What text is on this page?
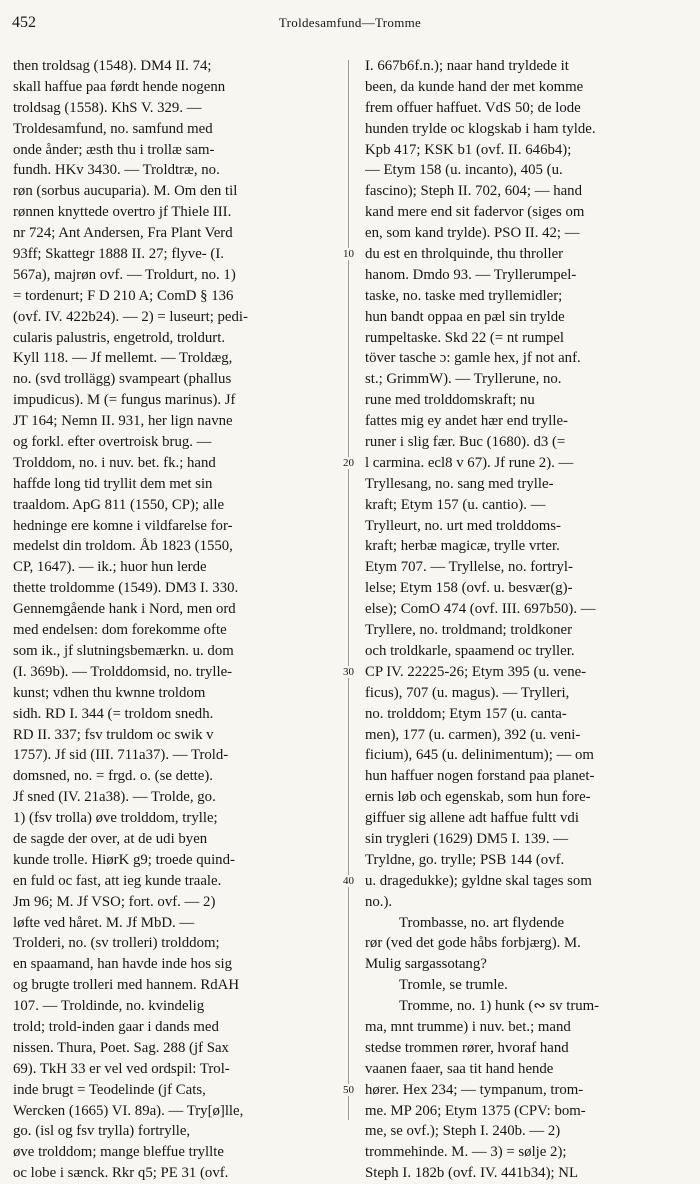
452	Troldesamfund—Tromme
then troldsag (1548). DM4 II. 74;
skall haffue paa førdt hende nogenn
troldsag (1558). KhS V. 329. —
Troldesamfund, no. samfund med
onde ånder; æsth thu i trollæ sam-
fundh. HKv 3430. — Troldtræ, no.
røn (sorbus aucuparia). M. Om den til
rønnen knyttede overtro jf Thiele III.
nr 724; Ant Andersen, Fra Plant Verd
93ff; Skattegr 1888 II. 27; flyve- (I.
567a), majrøn ovf. — Troldurt, no. 1)
= tordenurt; F D 210 A; ComD § 136
(ovf. IV. 422b24). — 2) = luseurt; pedi-
cularis palustris, engetrold, troldurt.
Kyll 118. — Jf mellemt. — Troldæg,
no. (svd trollägg) svampeart (phallus
impudicus). M (= fungus marinus). Jf
JT 164; Nemn II. 931, her lign navne
og forkl. efter overtroisk brug. —
Trolddom, no. i nuv. bet. fk.; hand
haffde long tid tryllit dem met sin
traaldom. ApG 811 (1550, CP); alle
hedninge ere komne i vildfarelse for-
medelst din troldom. Åb 1823 (1550,
CP, 1647). — ik.; huor hun lerde
thette troldomme (1549). DM3 I. 330.
Gennemgående hank i Nord, men ord
med endelsen: dom forekomme ofte
som ik., jf slutningsbemærkn. u. dom
(I. 369b). — Trolddomsid, no. trylle-
kunst; vdhen thu kwnne troldom
sidh. RD I. 344 (= troldom snedh.
RD II. 337; fsv truldom oc swik v
1757). Jf sid (III. 711a37). — Trold-
domsned, no. = frgd. o. (se dette).
Jf sned (IV. 21a38). — Trolde, go.
1) (fsv trolla) øve trolddom, trylle;
de sagde der over, at de udi byen
kunde trolle. HiørK g9; troede quind-
en fuld oc fast, att ieg kunde traale.
Jm 96; M. Jf VSO; fort. ovf. — 2)
løfte ved håret. M. Jf MbD. —
Trolderi, no. (sv trolleri) trolddom;
en spaamand, han havde inde hos sig
og brugte trolleri med hannem. RdAH
107. — Troldinde, no. kvindelig
trold; trold-inden gaar i dands med
nissen. Thura, Poet. Sag. 288 (jf Sax
69). TkH 33 er vel ved ordspil: Trol-
inde brugt = Teodelinde (jf Cats,
Wercken (1665) VI. 89a). — Try[ø]lle,
go. (isl og fsv trylla) fortrylle,
øve trolddom; mange bleffue tryllte
oc lobe i sænck. Rkr q5; PE 31 (ovf.
10
20
30
40
50
I. 667b6f.n.); naar hand tryldede it
been, da kunde hand der met komme
frem offuer haffuet. VdS 50; de lode
hunden trylde oc klogskab i ham tylde.
Kpb 417; KSK b1 (ovf. II. 646b4);
— Etym 158 (u. incanto), 405 (u.
fascino); Steph II. 702, 604; — hand
kand mere end sit fadervor (siges om
en, som kand trylde). PSO II. 42; —
du est en throlquinde, thu throller
hanom. Dmdo 93. — Tryllerumpel-
taske, no. taske med tryllemidler;
hun bandt oppaa en pæl sin trylde
rumpeltaske. Skd 22 (= nt rumpel
töver tasche ɔ: gamle hex, jf not anf.
st.; GrimmW). — Tryllerune, no.
rune med trolddomskraft; nu
fattes mig ey andet hær end trylle-
runer i slig fær. Buc (1680). d3 (=
l carmina. ecl8 v 67). Jf rune 2). —
Tryllesang, no. sang med trylle-
kraft; Etym 157 (u. cantio). —
Trylleurt, no. urt med trolddoms-
kraft; herbæ magicæ, trylle vrter.
Etym 707. — Tryllelse, no. fortryl-
lelse; Etym 158 (ovf. u. besvær(g)-
else); ComO 474 (ovf. III. 697b50). —
Tryllere, no. troldmand; troldkoner
och troldkarle, spaamend oc tryller.
CP IV. 22225-26; Etym 395 (u. vene-
ficus), 707 (u. magus). — Trylleri,
no. trolddom; Etym 157 (u. canta-
men), 177 (u. carmen), 392 (u. veni-
ficium), 645 (u. delinimentum); — om
hun haffuer nogen forstand paa planet-
ernis løb och egenskab, som hun fore-
giffuer sig allene adt haffue fultt vdi
sin trygleri (1629) DM5 I. 139. —
Tryldne, go. trylle; PSB 144 (ovf.
u. dragedukke); gyldne skal tages som
no.).
Trombasse, no. art flydende
rør (ved det gode håbs forbjærg). M.
Mulig sargassotang?
Tromle, se trumle.
Tromme, no. 1) hunk (∾ sv trum-
ma, mnt trumme) i nuv. bet.; mand
stedse trommen rører, hvoraf hand
vaanen faaer, saa tit hand hende
hører. Hex 234; — tympanum, trom-
me. MP 206; Etym 1375 (CPV: bom-
me, se ovf.); Steph I. 240b. — 2)
trommehinde. M. — 3) = sølje 2);
Steph I. 182b (ovf. IV. 441b34); NL
